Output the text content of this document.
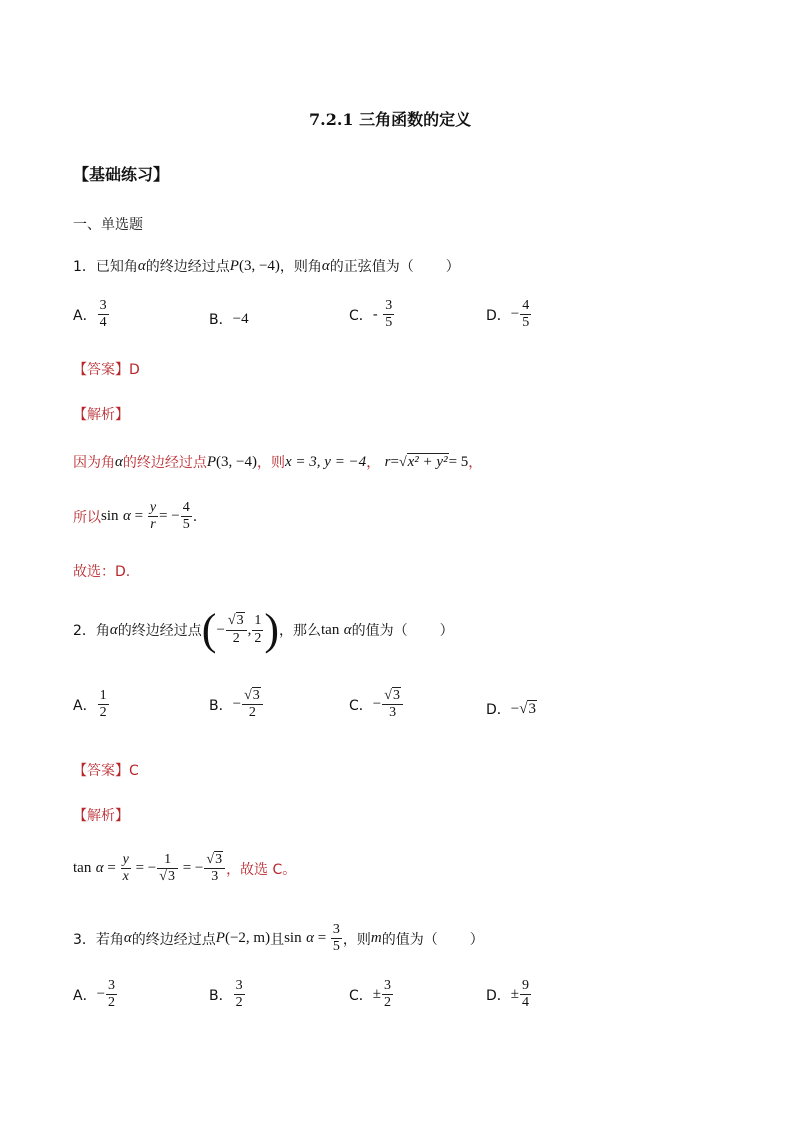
7.2.1 三角函数的定义
【基础练习】
一、单选题
1． 已知角 α 的终边经过点 P (3, −4) ，则角 α 的正弦值为（ ）
A． $\frac{3}{4}$	B． −4	C． -
$\frac{3}{5}$	D． − $\frac{4}{5}$
【答案】D
【解析】
因为角 α 的终边经过点 P (3, −4) ，则 x = 3, y = −4 ，
r = √x² + y² = 5 ，
所以 sin
$\alpha = \frac{y}{r}$ = − $\frac{4}{5}$ .
故选：D.
2． 角 α 的终边经过点 ( − $\frac{√3}{2}$ , $\frac{1}{2}$ ) ，那么 tan
α 的值为（ ）
A． $\frac{1}{2}$	B． − $\frac{√3}{2}$	C． − $\frac{√3}{3}$	D． − √3
【答案】C
【解析】
tan
$\alpha = \frac{y}{x}$ = − $\frac{1}{√3}$ = − $\frac{√3}{3}$ ，故选 C。
3． 若角 α 的终边经过点 P (−2, m) 且 sin
$\alpha = \frac{3}{5}$ ，则 m 的值为（ ）
A． − $\frac{3}{2}$	B． $\frac{3}{2}$	C． ± $\frac{3}{2}$	D． ± $\frac{9}{4}$
